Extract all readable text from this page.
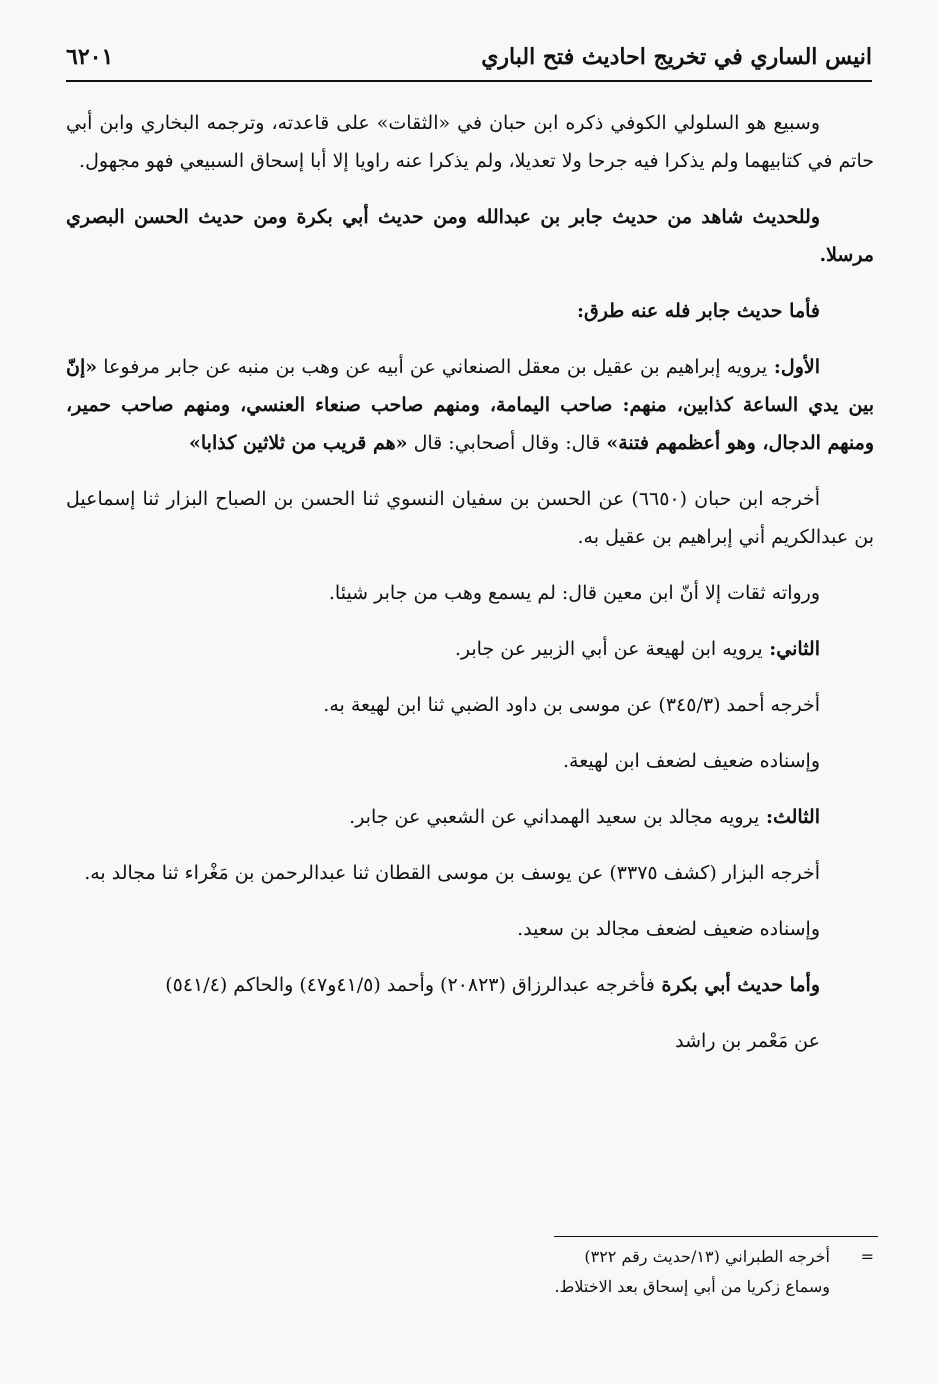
انيس الساري في تخريج احاديث فتح الباري
٦٢٠١

وسبيع هو السلولي الكوفي ذكره ابن حبان في «الثقات» على قاعدته، وترجمه البخاري وابن أبي حاتم في كتابيهما ولم يذكرا فيه جرحا ولا تعديلا، ولم يذكرا عنه راويا إلا أبا إسحاق السبيعي فهو مجهول.

وللحديث شاهد من حديث جابر بن عبدالله ومن حديث أبي بكرة ومن حديث الحسن البصري مرسلا.

فأما حديث جابر فله عنه طرق:

الأول: يرويه إبراهيم بن عقيل بن معقل الصنعاني عن أبيه عن وهب بن منبه عن جابر مرفوعا «إنّ بين يدي الساعة كذابين، منهم: صاحب اليمامة، ومنهم صاحب صنعاء العنسي، ومنهم صاحب حمير، ومنهم الدجال، وهو أعظمهم فتنة» قال: وقال أصحابي: قال «هم قريب من ثلاثين كذابا»

أخرجه ابن حبان (٦٦٥٠) عن الحسن بن سفيان النسوي ثنا الحسن بن الصباح البزار ثنا إسماعيل بن عبدالكريم أني إبراهيم بن عقيل به.

ورواته ثقات إلا أنّ ابن معين قال: لم يسمع وهب من جابر شيئا.

الثاني: يرويه ابن لهيعة عن أبي الزبير عن جابر.

أخرجه أحمد (٣٤٥/٣) عن موسى بن داود الضبي ثنا ابن لهيعة به.

وإسناده ضعيف لضعف ابن لهيعة.

الثالث: يرويه مجالد بن سعيد الهمداني عن الشعبي عن جابر.

أخرجه البزار (كشف ٣٣٧٥) عن يوسف بن موسى القطان ثنا عبدالرحمن بن مَغْراء ثنا مجالد به.

وإسناده ضعيف لضعف مجالد بن سعيد.

وأما حديث أبي بكرة فأخرجه عبدالرزاق (٢٠٨٢٣) وأحمد (٤١/٥و٤٧) والحاكم (٥٤١/٤)

عن مَعْمر بن راشد

=
أخرجه الطبراني (١٣/حديث رقم ٣٢٢)
وسماع زكريا من أبي إسحاق بعد الاختلاط.
